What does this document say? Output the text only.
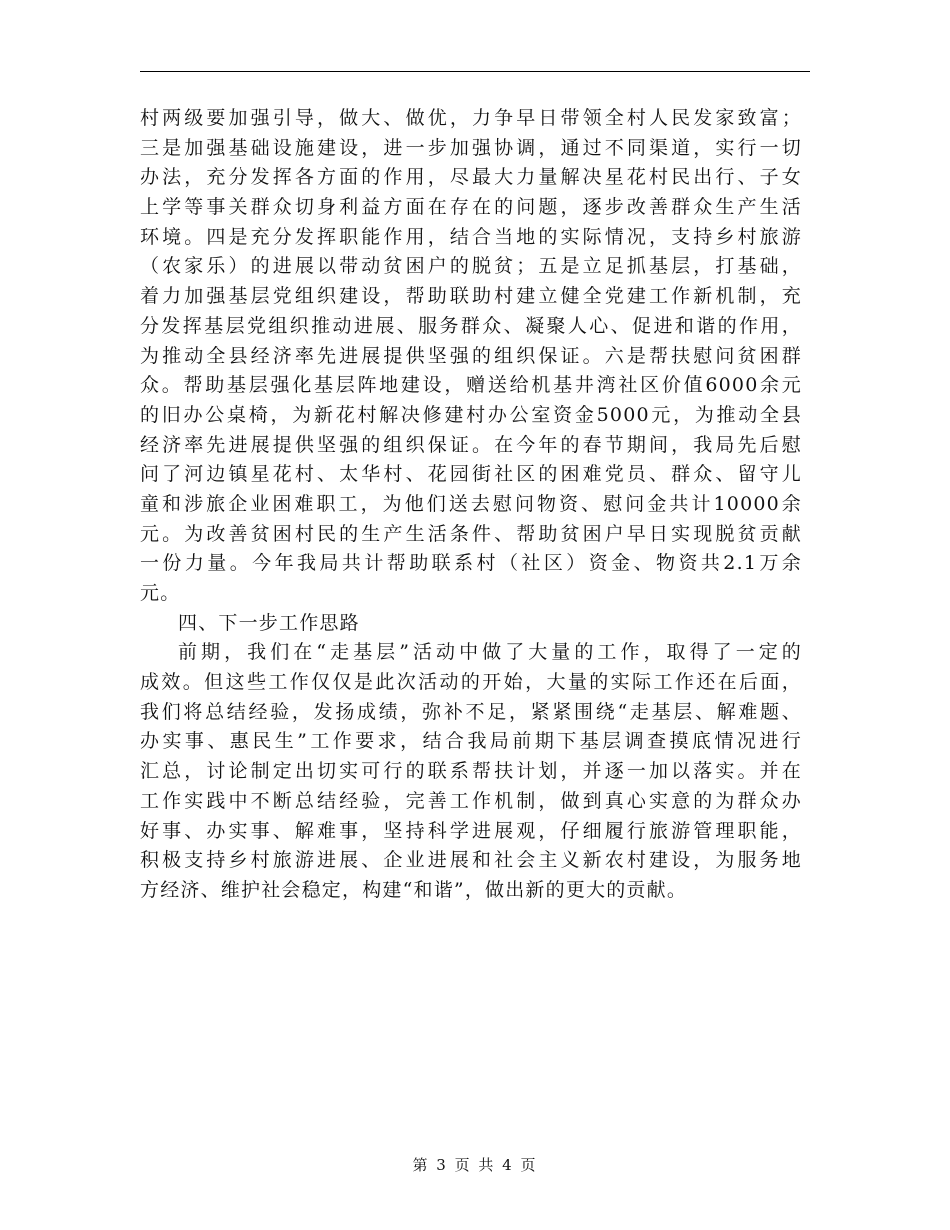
村两级要加强引导，做大、做优，力争早日带领全村人民发家致富；
三是加强基础设施建设，进一步加强协调，通过不同渠道，实行一切
办法，充分发挥各方面的作用，尽最大力量解决星花村民出行、子女
上学等事关群众切身利益方面在存在的问题，逐步改善群众生产生活
环境。四是充分发挥职能作用，结合当地的实际情况，支持乡村旅游
（农家乐）的进展以带动贫困户的脱贫；五是立足抓基层，打基础，
着力加强基层党组织建设，帮助联助村建立健全党建工作新机制，充
分发挥基层党组织推动进展、服务群众、凝聚人心、促进和谐的作用，
为推动全县经济率先进展提供坚强的组织保证。六是帮扶慰问贫困群
众。帮助基层强化基层阵地建设，赠送给机基井湾社区价值6000余元
的旧办公桌椅，为新花村解决修建村办公室资金5000元，为推动全县
经济率先进展提供坚强的组织保证。在今年的春节期间，我局先后慰
问了河边镇星花村、太华村、花园街社区的困难党员、群众、留守儿
童和涉旅企业困难职工，为他们送去慰问物资、慰问金共计10000余
元。为改善贫困村民的生产生活条件、帮助贫困户早日实现脱贫贡献
一份力量。今年我局共计帮助联系村（社区）资金、物资共2.1万余
元。
四、下一步工作思路
前期，我们在“走基层”活动中做了大量的工作，取得了一定的
成效。但这些工作仅仅是此次活动的开始，大量的实际工作还在后面，
我们将总结经验，发扬成绩，弥补不足，紧紧围绕“走基层、解难题、
办实事、惠民生”工作要求，结合我局前期下基层调查摸底情况进行
汇总，讨论制定出切实可行的联系帮扶计划，并逐一加以落实。并在
工作实践中不断总结经验，完善工作机制，做到真心实意的为群众办
好事、办实事、解难事，坚持科学进展观，仔细履行旅游管理职能，
积极支持乡村旅游进展、企业进展和社会主义新农村建设，为服务地
方经济、维护社会稳定，构建“和谐”，做出新的更大的贡献。
第 3 页 共 4 页
